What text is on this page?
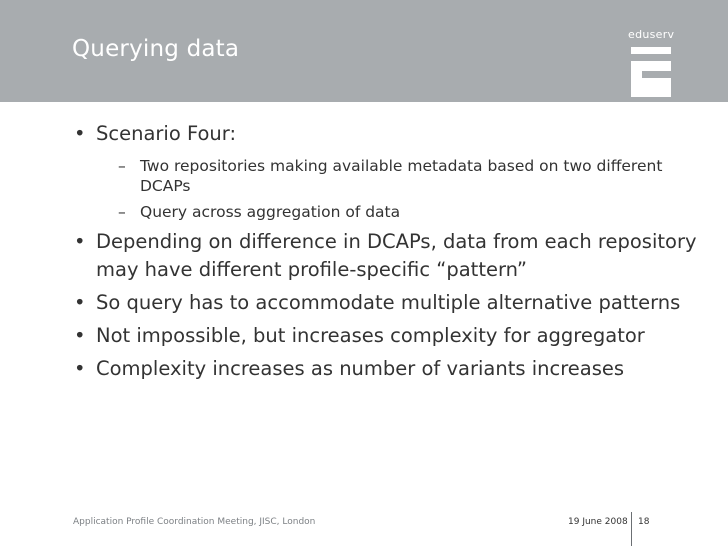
Querying data
eduserv
• Scenario Four:
– Two repositories making available metadata based on two different DCAPs
– Query across aggregation of data
• Depending on difference in DCAPs, data from each repository may have different profile-specific “pattern”
• So query has to accommodate multiple alternative patterns
• Not impossible, but increases complexity for aggregator
• Complexity increases as number of variants increases
Application Profile Coordination Meeting, JISC, London	19 June 2008 18
